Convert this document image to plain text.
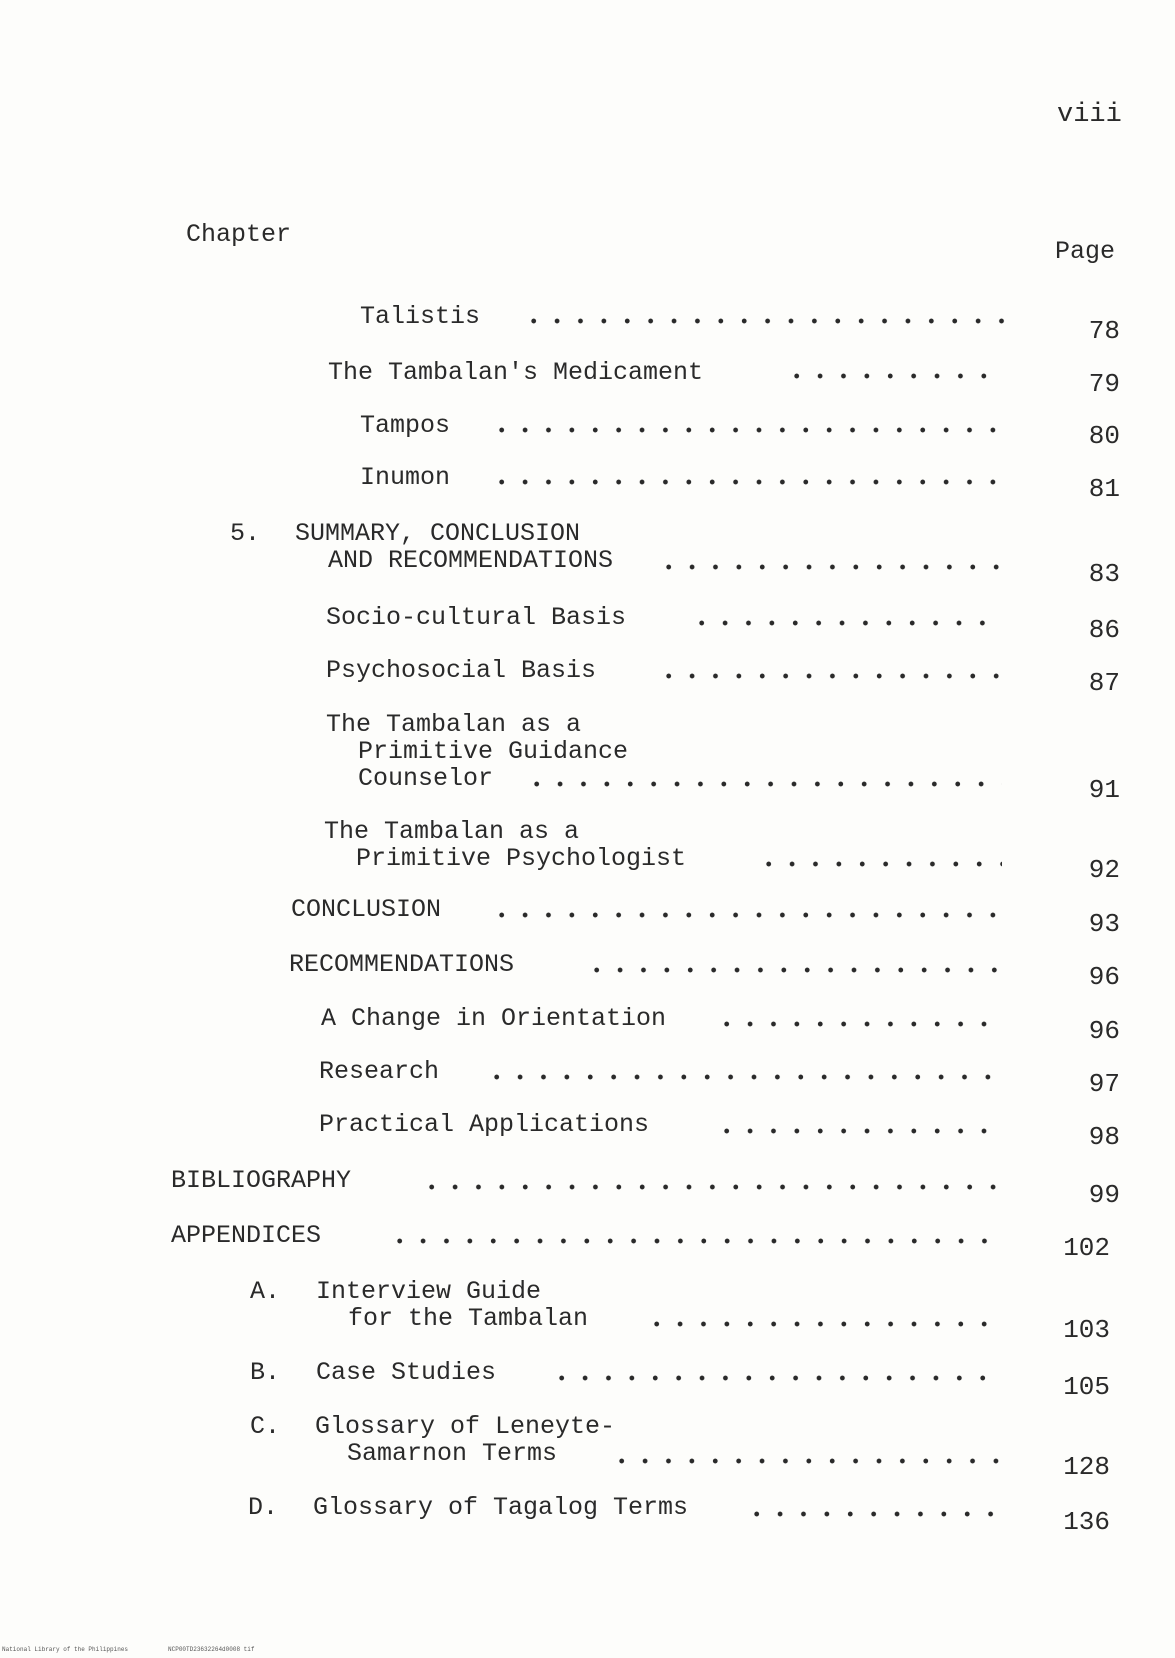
viii
Chapter
Page
Talistis	78
The Tambalan's Medicament	79
Tampos	80
Inumon	81
5. SUMMARY, CONCLUSION
AND RECOMMENDATIONS	83
Socio-cultural Basis	86
Psychosocial Basis	87
The Tambalan as a
Primitive Guidance
Counselor	91
The Tambalan as a
Primitive Psychologist	92
CONCLUSION	93
RECOMMENDATIONS	96
A Change in Orientation	96
Research	97
Practical Applications	98
BIBLIOGRAPHY	99
APPENDICES	102
A. Interview Guide
for the Tambalan	103
B. Case Studies	105
C. Glossary of Leneyte-
Samarnon Terms	128
D. Glossary of Tagalog Terms	136
National Library of the Philippines	NCP00TD23632264d0008 tif
